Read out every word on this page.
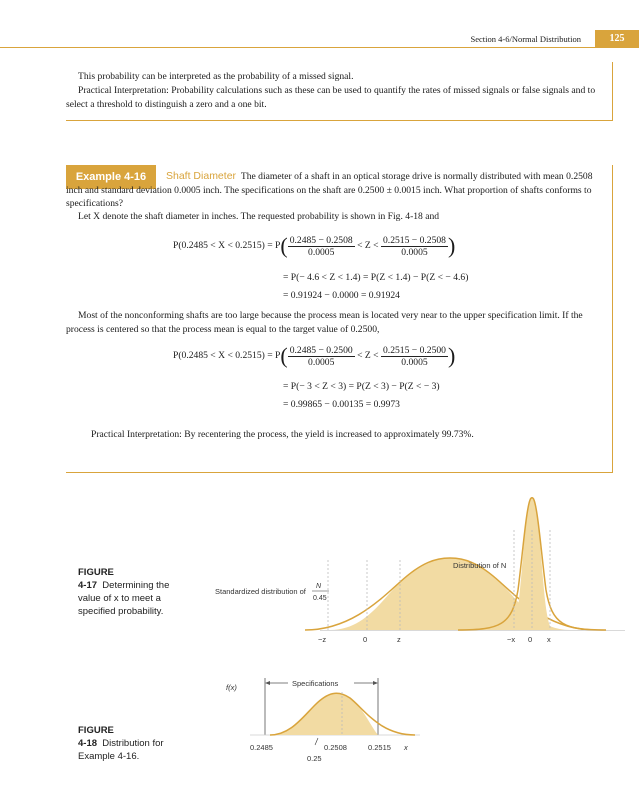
Section 4-6/Normal Distribution	125
This probability can be interpreted as the probability of a missed signal.
Practical Interpretation: Probability calculations such as these can be used to quantify the rates of missed signals or false signals and to select a threshold to distinguish a zero and a one bit.
Example 4-16	Shaft Diameter The diameter of a shaft in an optical storage drive is normally distributed with mean 0.2508 inch and standard deviation 0.0005 inch. The specifications on the shaft are 0.2500 ± 0.0015 inch. What proportion of shafts conforms to specifications?
Let X denote the shaft diameter in inches. The requested probability is shown in Fig. 4-18 and
$P(0.2485 < X < 0.2515) = P( \frac{0.2485 - 0.2508}{0.0005} < Z < \frac{0.2515 - 0.2508}{0.0005}$ )
= P(− 4.6 < Z < 1.4) = P(Z < 1.4) − P(Z < − 4.6)
= 0.91924 − 0.0000 = 0.91924
Most of the nonconforming shafts are too large because the process mean is located very near to the upper specification limit. If the process is centered so that the process mean is equal to the target value of 0.2500,
$P(0.2485 < X < 0.2515) = P( \frac{0.2485 - 0.2500}{0.0005} < Z < \frac{0.2515 - 0.2500}{0.0005}$ )
= P(− 3 < Z < 3) = P(Z < 3) − P(Z < − 3)
= 0.99865 − 0.00135 = 0.9973
Practical Interpretation: By recentering the process, the yield is increased to approximately 99.73%.
FIGURE
4-17 Determining the value of x to meet a specified probability.
Standardized distribution of
N
0.45
−z	0	z
Distribution of N
−x 0 x
FIGURE
4-18 Distribution for Example 4-16.
f(x)	Specifications
0.2485	0.2508	0.2515 x
0.25
